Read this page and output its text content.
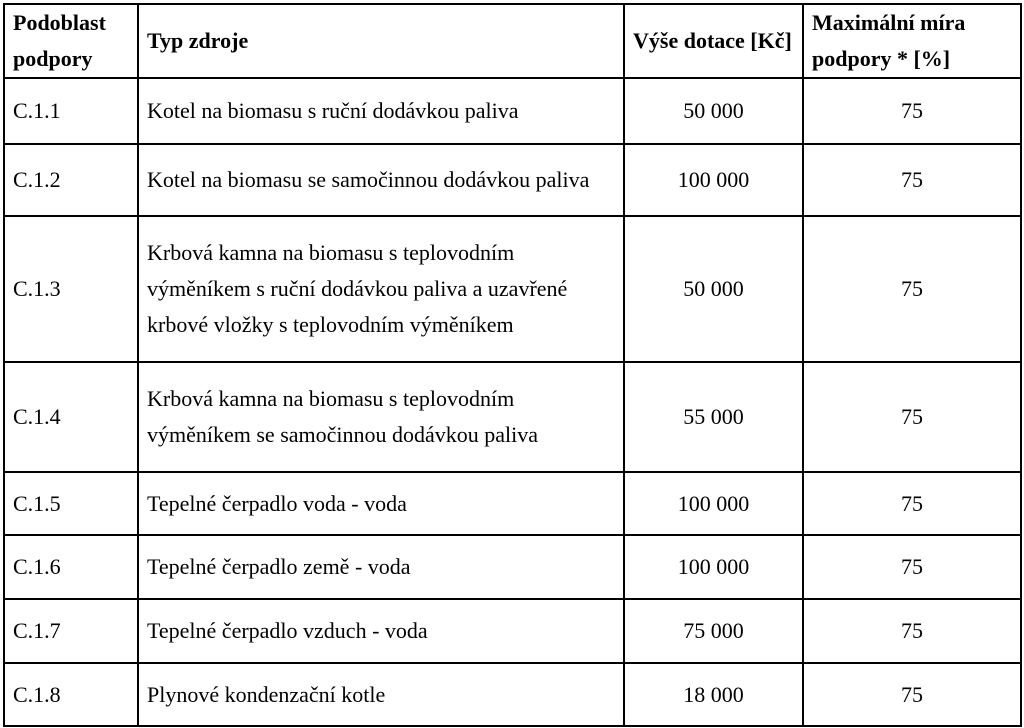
Podoblast podpory	Typ zdroje	Výše dotace [Kč]	Maximální míra podpory * [%]
C.1.1	Kotel na biomasu s ruční dodávkou paliva	50 000	75
C.1.2	Kotel na biomasu se samočinnou dodávkou paliva	100 000	75
C.1.3	Krbová kamna na biomasu s teplovodním výměníkem s ruční dodávkou paliva a uzavřené krbové vložky s teplovodním výměníkem	50 000	75
C.1.4	Krbová kamna na biomasu s teplovodním výměníkem se samočinnou dodávkou paliva	55 000	75
C.1.5	Tepelné čerpadlo voda - voda	100 000	75
C.1.6	Tepelné čerpadlo země - voda	100 000	75
C.1.7	Tepelné čerpadlo vzduch - voda	75 000	75
C.1.8	Plynové kondenzační kotle	18 000	75
